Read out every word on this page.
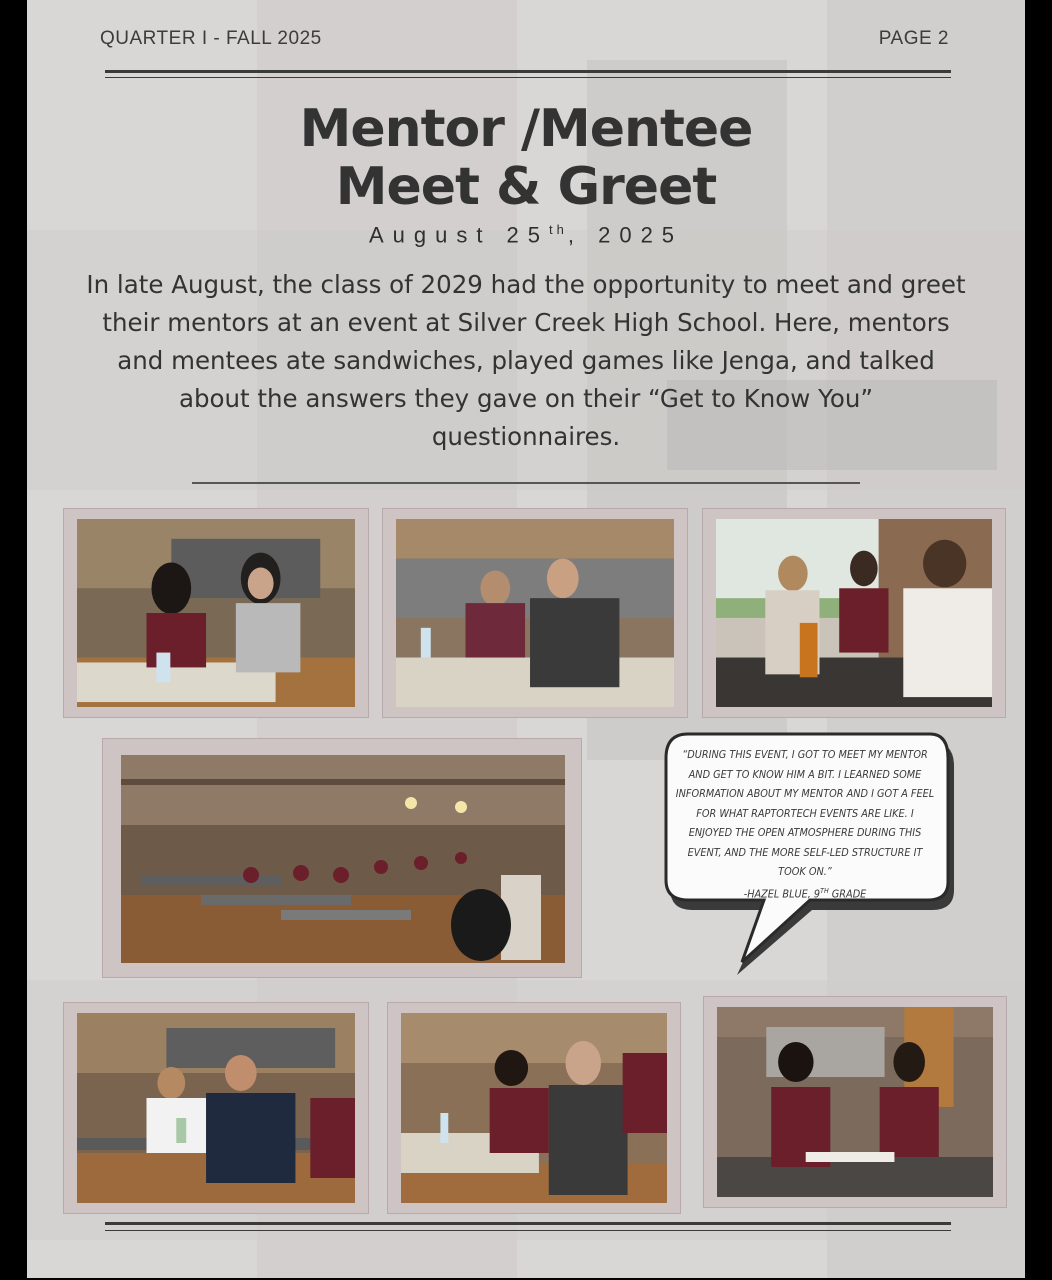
QUARTER I - FALL 2025	PAGE 2
Mentor /Mentee
Meet & Greet
August 25th, 2025
In late August, the class of 2029 had the opportunity to meet and greet their mentors at an event at Silver Creek High School. Here, mentors and mentees ate sandwiches, played games like Jenga, and talked about the answers they gave on their “Get to Know You” questionnaires.
“DURING THIS EVENT, I GOT TO MEET MY MENTOR AND GET TO KNOW HIM A BIT. I LEARNED SOME INFORMATION ABOUT MY MENTOR AND I GOT A FEEL FOR WHAT RAPTORTECH EVENTS ARE LIKE. I ENJOYED THE OPEN ATMOSPHERE DURING THIS EVENT, AND THE MORE SELF-LED STRUCTURE IT TOOK ON.”
-HAZEL BLUE, 9TH GRADE
